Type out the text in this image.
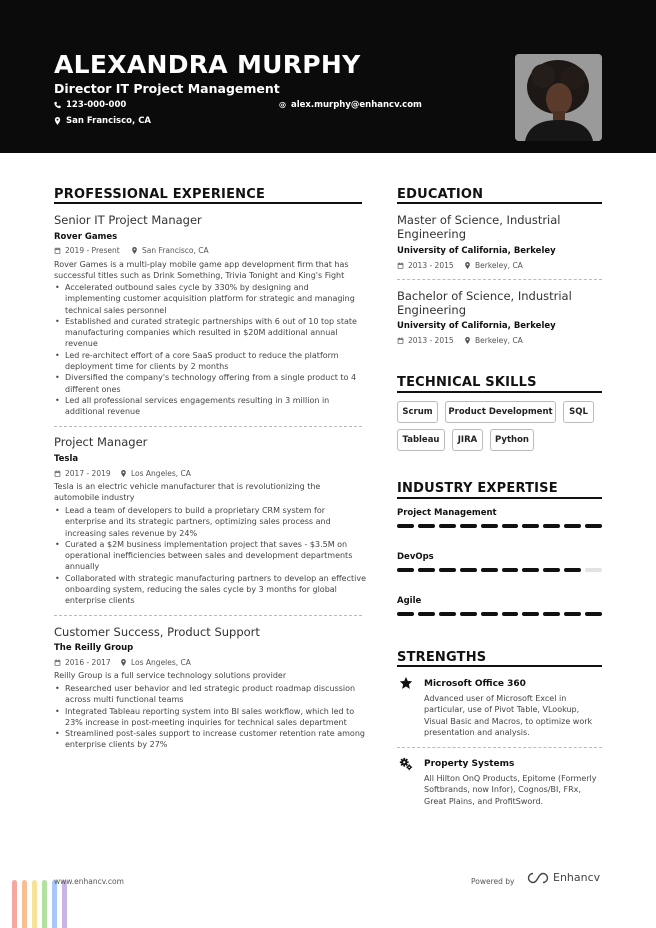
ALEXANDRA MURPHY
Director IT Project Management
123-000-000	alex.murphy@enhancv.com
San Francisco, CA
PROFESSIONAL EXPERIENCE
Senior IT Project Manager
Rover Games
2019 - Present	San Francisco, CA
Rover Games is a multi-play mobile game app development firm that has successful titles such as Drink Something, Trivia Tonight and King's Fight
• Accelerated outbound sales cycle by 330% by designing and implementing customer acquisition platform for strategic and managing technical sales personnel
• Established and curated strategic partnerships with 6 out of 10 top state manufacturing companies which resulted in $20M additional annual revenue
• Led re-architect effort of a core SaaS product to reduce the platform deployment time for clients by 2 months
• Diversified the company's technology offering from a single product to 4 different ones
• Led all professional services engagements resulting in 3 million in additional revenue
Project Manager
Tesla
2017 - 2019	Los Angeles, CA
Tesla is an electric vehicle manufacturer that is revolutionizing the automobile industry
• Lead a team of developers to build a proprietary CRM system for enterprise and its strategic partners, optimizing sales process and increasing sales revenue by 24%
• Curated a $2M business implementation project that saves - $3.5M on operational inefficiencies between sales and development departments annually
• Collaborated with strategic manufacturing partners to develop an effective onboarding system, reducing the sales cycle by 3 months for global enterprise clients
Customer Success, Product Support
The Reilly Group
2016 - 2017	Los Angeles, CA
Reilly Group is a full service technology solutions provider
• Researched user behavior and led strategic product roadmap discussion across multi functional teams
• Integrated Tableau reporting system into BI sales workflow, which led to 23% increase in post-meeting inquiries for technical sales department
• Streamlined post-sales support to increase customer retention rate among enterprise clients by 27%
EDUCATION
Master of Science, Industrial Engineering
University of California, Berkeley
2013 - 2015	Berkeley, CA
Bachelor of Science, Industrial Engineering
University of California, Berkeley
2013 - 2015	Berkeley, CA
TECHNICAL SKILLS
Scrum	Product Development	SQL
Tableau	JIRA	Python
INDUSTRY EXPERTISE
Project Management
DevOps
Agile
STRENGTHS
Microsoft Office 360
Advanced user of Microsoft Excel in particular, use of Pivot Table, VLookup, Visual Basic and Macros, to optimize work presentation and analysis.
Property Systems
All Hilton OnQ Products, Epitome (Formerly Softbrands, now Infor), Cognos/BI, FRx, Great Plains, and ProfitSword.
www.enhancv.com	Powered by	Enhancv
